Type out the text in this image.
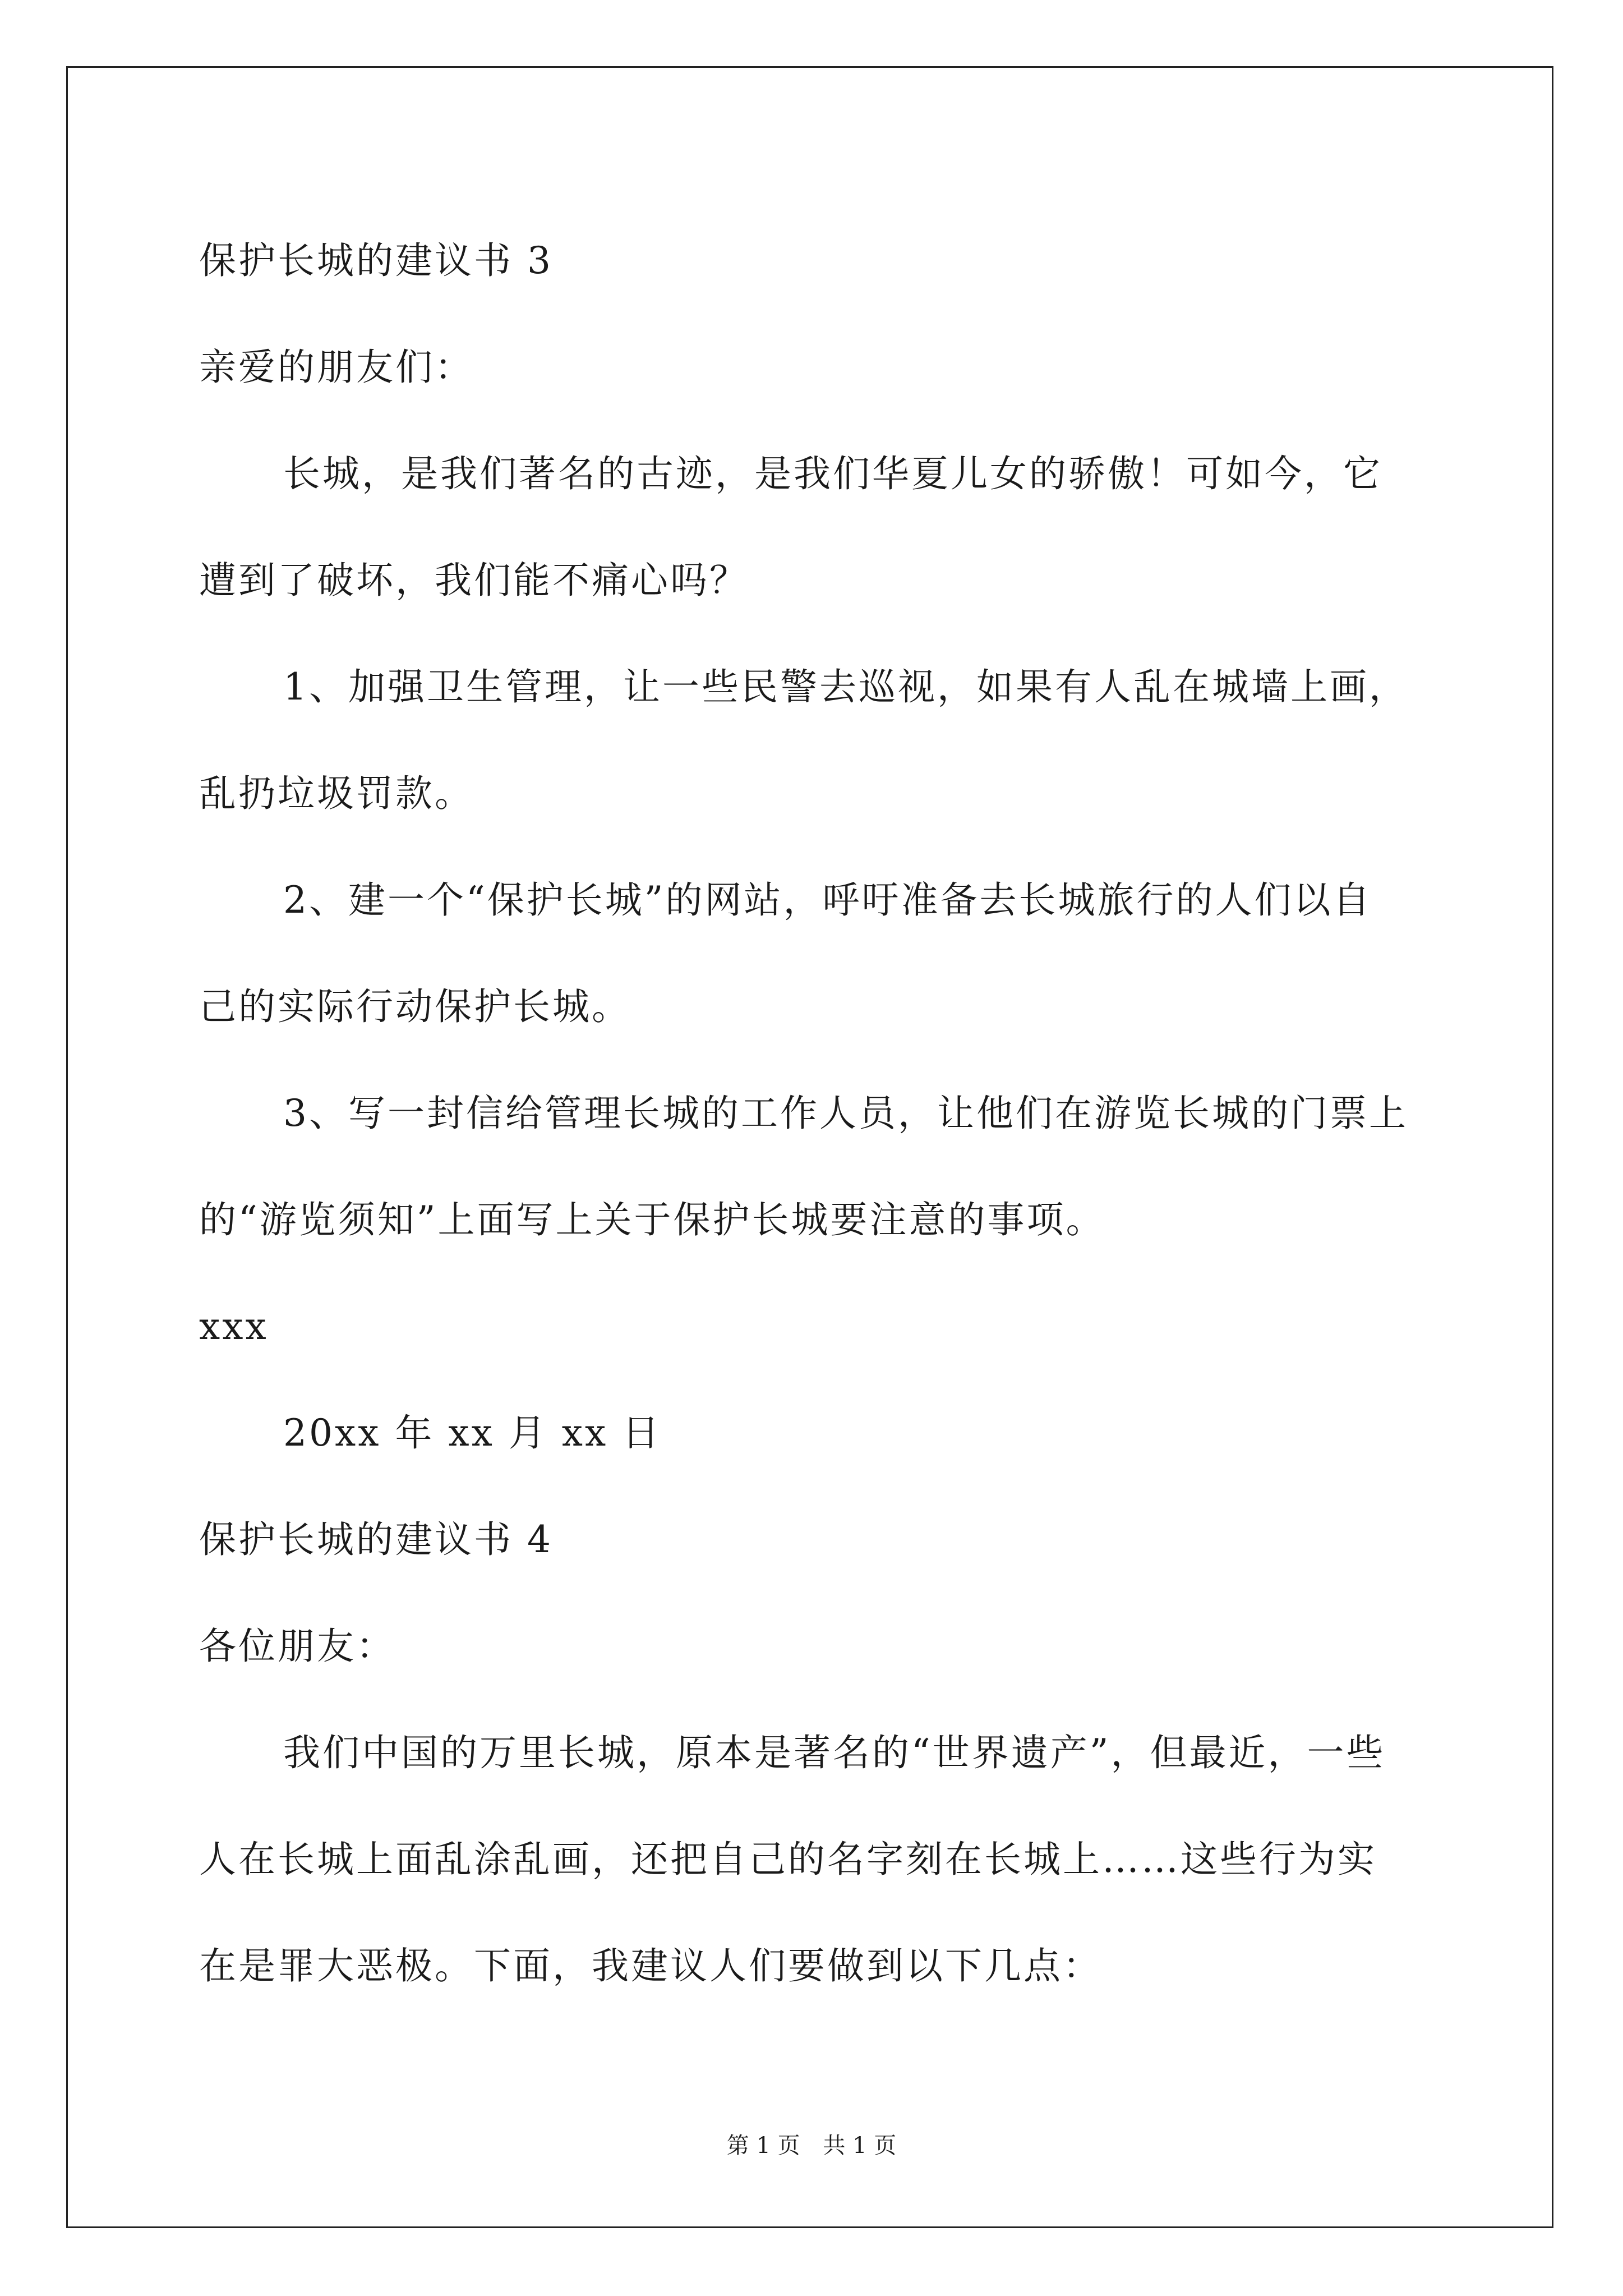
保护长城的建议书 3
亲爱的朋友们：
长城，是我们著名的古迹，是我们华夏儿女的骄傲！可如今，它
遭到了破坏，我们能不痛心吗？
1、加强卫生管理，让一些民警去巡视，如果有人乱在城墙上画，
乱扔垃圾罚款。
2、建一个“保护长城”的网站，呼吁准备去长城旅行的人们以自
己的实际行动保护长城。
3、写一封信给管理长城的工作人员，让他们在游览长城的门票上
的“游览须知”上面写上关于保护长城要注意的事项。
xxx
20xx 年 xx 月 xx 日
保护长城的建议书 4
各位朋友：
我们中国的万里长城，原本是著名的“世界遗产”，但最近，一些
人在长城上面乱涂乱画，还把自己的名字刻在长城上……这些行为实
在是罪大恶极。下面，我建议人们要做到以下几点：
第 1 页 共 1 页
